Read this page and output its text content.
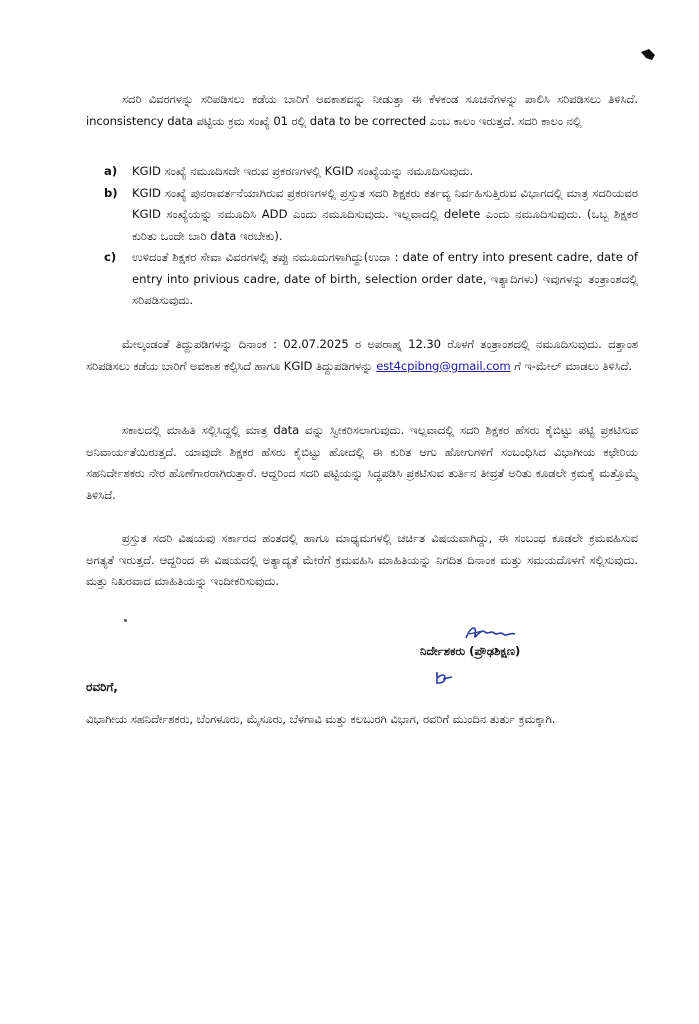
ಸದರಿ ವಿವರಗಳನ್ನು ಸರಿಪಡಿಸಲು ಕಡೆಯ ಬಾರಿಗೆ ಅವಕಾಶವನ್ನು ನೀಡುತ್ತಾ ಈ ಕೆಳಕಂಡ ಸೂಚನೆಗಳನ್ನು ಪಾಲಿಸಿ ಸರಿಪಡಿಸಲು ತಿಳಿಸಿದೆ. inconsistency data ಪಟ್ಟಿಯ ಕ್ರಮ ಸಂಖ್ಯೆ 01 ರಲ್ಲಿ data to be corrected ಎಂಬ ಕಾಲಂ ಇರುತ್ತದೆ. ಸದರಿ ಕಾಲಂ ನಲ್ಲಿ

a) KGID ಸಂಖ್ಯೆ ನಮೂದಿಸದೇ ಇರುವ ಪ್ರಕರಣಗಳಲ್ಲಿ KGID ಸಂಖ್ಯೆಯನ್ನು ನಮೂದಿಸುವುದು.
b) KGID ಸಂಖ್ಯೆ ಪುನರಾವರ್ತನೆಯಾಗಿರುವ ಪ್ರಕರಣಗಳಲ್ಲಿ ಪ್ರಸ್ತುತ ಸದರಿ ಶಿಕ್ಷಕರು ಕರ್ತವ್ಯ ನಿರ್ವಹಿಸುತ್ತಿರುವ ವಿಭಾಗದಲ್ಲಿ ಮಾತ್ರ ಸದರಿಯವರ KGID ಸಂಖ್ಯೆಯನ್ನು ನಮೂದಿಸಿ ADD ಎಂದು ನಮೂದಿಸುವುದು. ಇಲ್ಲವಾದಲ್ಲಿ delete ಎಂದು ನಮೂದಿಸುವುದು. (ಒಬ್ಬ ಶಿಕ್ಷಕರ ಕುರಿತು ಒಂದೇ ಬಾರಿ data ಇರಬೇಕು).
c) ಉಳಿದಂತೆ ಶಿಕ್ಷಕರ ಸೇವಾ ವಿವರಗಳಲ್ಲಿ ತಪ್ಪು ನಮೂದುಗಳಾಗಿದ್ದು(ಉದಾ : date of entry into present cadre, date of entry into privious cadre, date of birth, selection order date, ಇತ್ಯಾದಿಗಳು) ಇವುಗಳನ್ನು ತಂತ್ರಾಂಶದಲ್ಲಿ ಸರಿಪಡಿಸುವುದು.

ಮೇಲ್ಕಂಡಂತೆ ತಿದ್ದುಪಡಿಗಳನ್ನು ದಿನಾಂಕ : 02.07.2025 ರ ಅಪರಾಹ್ನ 12.30 ರೊಳಗೆ ತಂತ್ರಾಂಶದಲ್ಲಿ ನಮೂದಿಸುವುದು. ದತ್ತಾಂಶ ಸರಿಪಡಿಸಲು ಕಡೆಯ ಬಾರಿಗೆ ಅವಕಾಶ ಕಲ್ಪಿಸಿದೆ ಹಾಗೂ KGID ತಿದ್ದುಪಡಿಗಳನ್ನು est4cpibng@gmail.com ಗೆ ಇ-ಮೇಲ್ ಮಾಡಲು ತಿಳಿಸಿದೆ.

ಸಕಾಲದಲ್ಲಿ ಮಾಹಿತಿ ಸಲ್ಲಿಸಿದ್ದಲ್ಲಿ ಮಾತ್ರ data ವನ್ನು ಸ್ವೀಕರಿಸಲಾಗುವುದು. ಇಲ್ಲವಾದಲ್ಲಿ ಸದರಿ ಶಿಕ್ಷಕರ ಹೆಸರು ಕೈಬಿಟ್ಟು ಪಟ್ಟಿ ಪ್ರಕಟಿಸುವ ಅನಿವಾರ್ಯತೆಯಿರುತ್ತದೆ. ಯಾವುದೇ ಶಿಕ್ಷಕರ ಹೆಸರು ಕೈಬಿಟ್ಟು ಹೋದಲ್ಲಿ ಈ ಕುರಿತ ಆಗು ಹೋಗುಗಳಿಗೆ ಸಂಬಂಧಿಸಿದ ವಿಭಾಗೀಯ ಕಛೇರಿಯ ಸಹನಿರ್ದೇಶಕರು ನೇರ ಹೊಣೆಗಾರರಾಗಿರುತ್ತಾರೆ. ಆದ್ದರಿಂದ ಸದರಿ ಪಟ್ಟಿಯನ್ನು ಸಿದ್ಧಪಡಿಸಿ ಪ್ರಕಟಿಸುವ ತುರ್ತಿನ ತೀವ್ರತೆ ಅರಿತು ಕೂಡಲೇ ಕ್ರಮಕೈ ಮತ್ತೊಮ್ಮೆ ತಿಳಿಸಿದೆ.

ಪ್ರಸ್ತುತ ಸದರಿ ವಿಷಯವು ಸರ್ಕಾರದ ಹಂತದಲ್ಲಿ ಹಾಗೂ ಮಾಧ್ಯಮಗಳಲ್ಲಿ ಚರ್ಚಿತ ವಿಷಯವಾಗಿದ್ದು, ಈ ಸಂಬಂಧ ಕೂಡಲೇ ಕ್ರಮವಹಿಸುವ ಅಗತ್ಯತೆ ಇರುತ್ತದೆ. ಆದ್ದರಿಂದ ಈ ವಿಷಯದಲ್ಲಿ ಅತ್ಯಾದ್ಯತೆ ಮೇರೆಗೆ ಕ್ರಮವಹಿಸಿ ಮಾಹಿತಿಯನ್ನು ನಿಗದಿತ ದಿನಾಂಕ ಮತ್ತು ಸಮಯದೊಳಗೆ ಸಲ್ಲಿಸುವುದು. ಮತ್ತು ನಿಖರವಾದ ಮಾಹಿತಿಯನ್ನು ಇಂದೀಕರಿಸುವುದು.

ನಿರ್ದೇಶಕರು (ಪ್ರೌಢಶಿಕ್ಷಣ)
ರವರಿಗೆ,

ವಿಭಾಗೀಯ ಸಹನಿರ್ದೇಶಕರು, ಬೆಂಗಳೂರು, ಮೈಸೂರು, ಬೆಳಗಾವಿ ಮತ್ತು ಕಲಬುರಗಿ ವಿಭಾಗ, ರವರಿಗೆ ಮುಂದಿನ ತುರ್ತು ಕ್ರಮಕ್ಕಾಗಿ.
